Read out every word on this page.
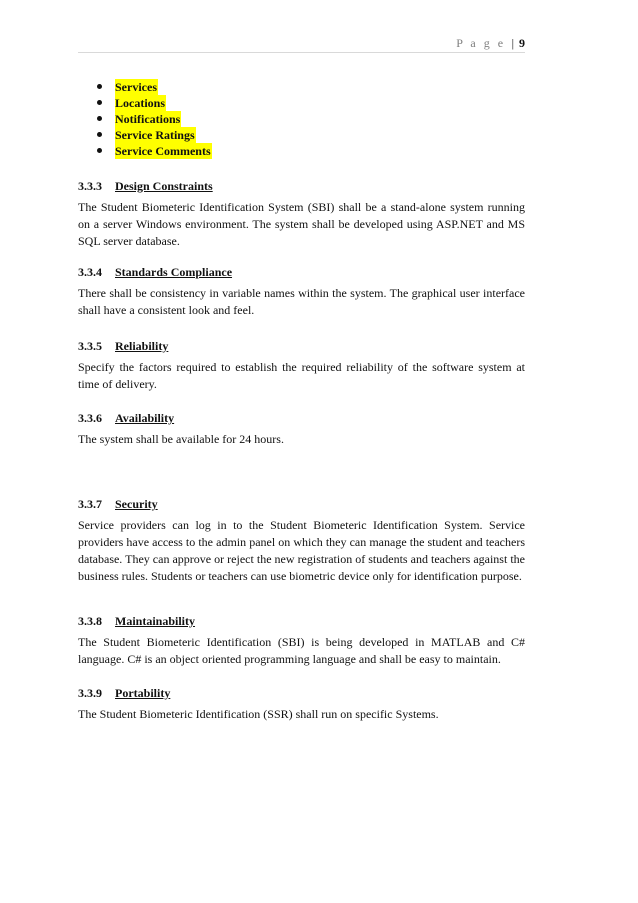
P a g e | 9
Services
Locations
Notifications
Service Ratings
Service Comments
3.3.3 Design Constraints
The Student Biometeric Identification System (SBI) shall be a stand-alone system running on a server Windows environment. The system shall be developed using ASP.NET and MS SQL server database.
3.3.4 Standards Compliance
There shall be consistency in variable names within the system. The graphical user interface shall have a consistent look and feel.
3.3.5 Reliability
Specify the factors required to establish the required reliability of the software system at time of delivery.
3.3.6 Availability
The system shall be available for 24 hours.
3.3.7 Security
Service providers can log in to the Student Biometeric Identification System. Service providers have access to the admin panel on which they can manage the student and teachers database. They can approve or reject the new registration of students and teachers against the business rules. Students or teachers can use biometric device only for identification purpose.
3.3.8 Maintainability
The Student Biometeric Identification (SBI) is being developed in MATLAB and C# language. C# is an object oriented programming language and shall be easy to maintain.
3.3.9 Portability
The Student Biometeric Identification (SSR) shall run on specific Systems.
